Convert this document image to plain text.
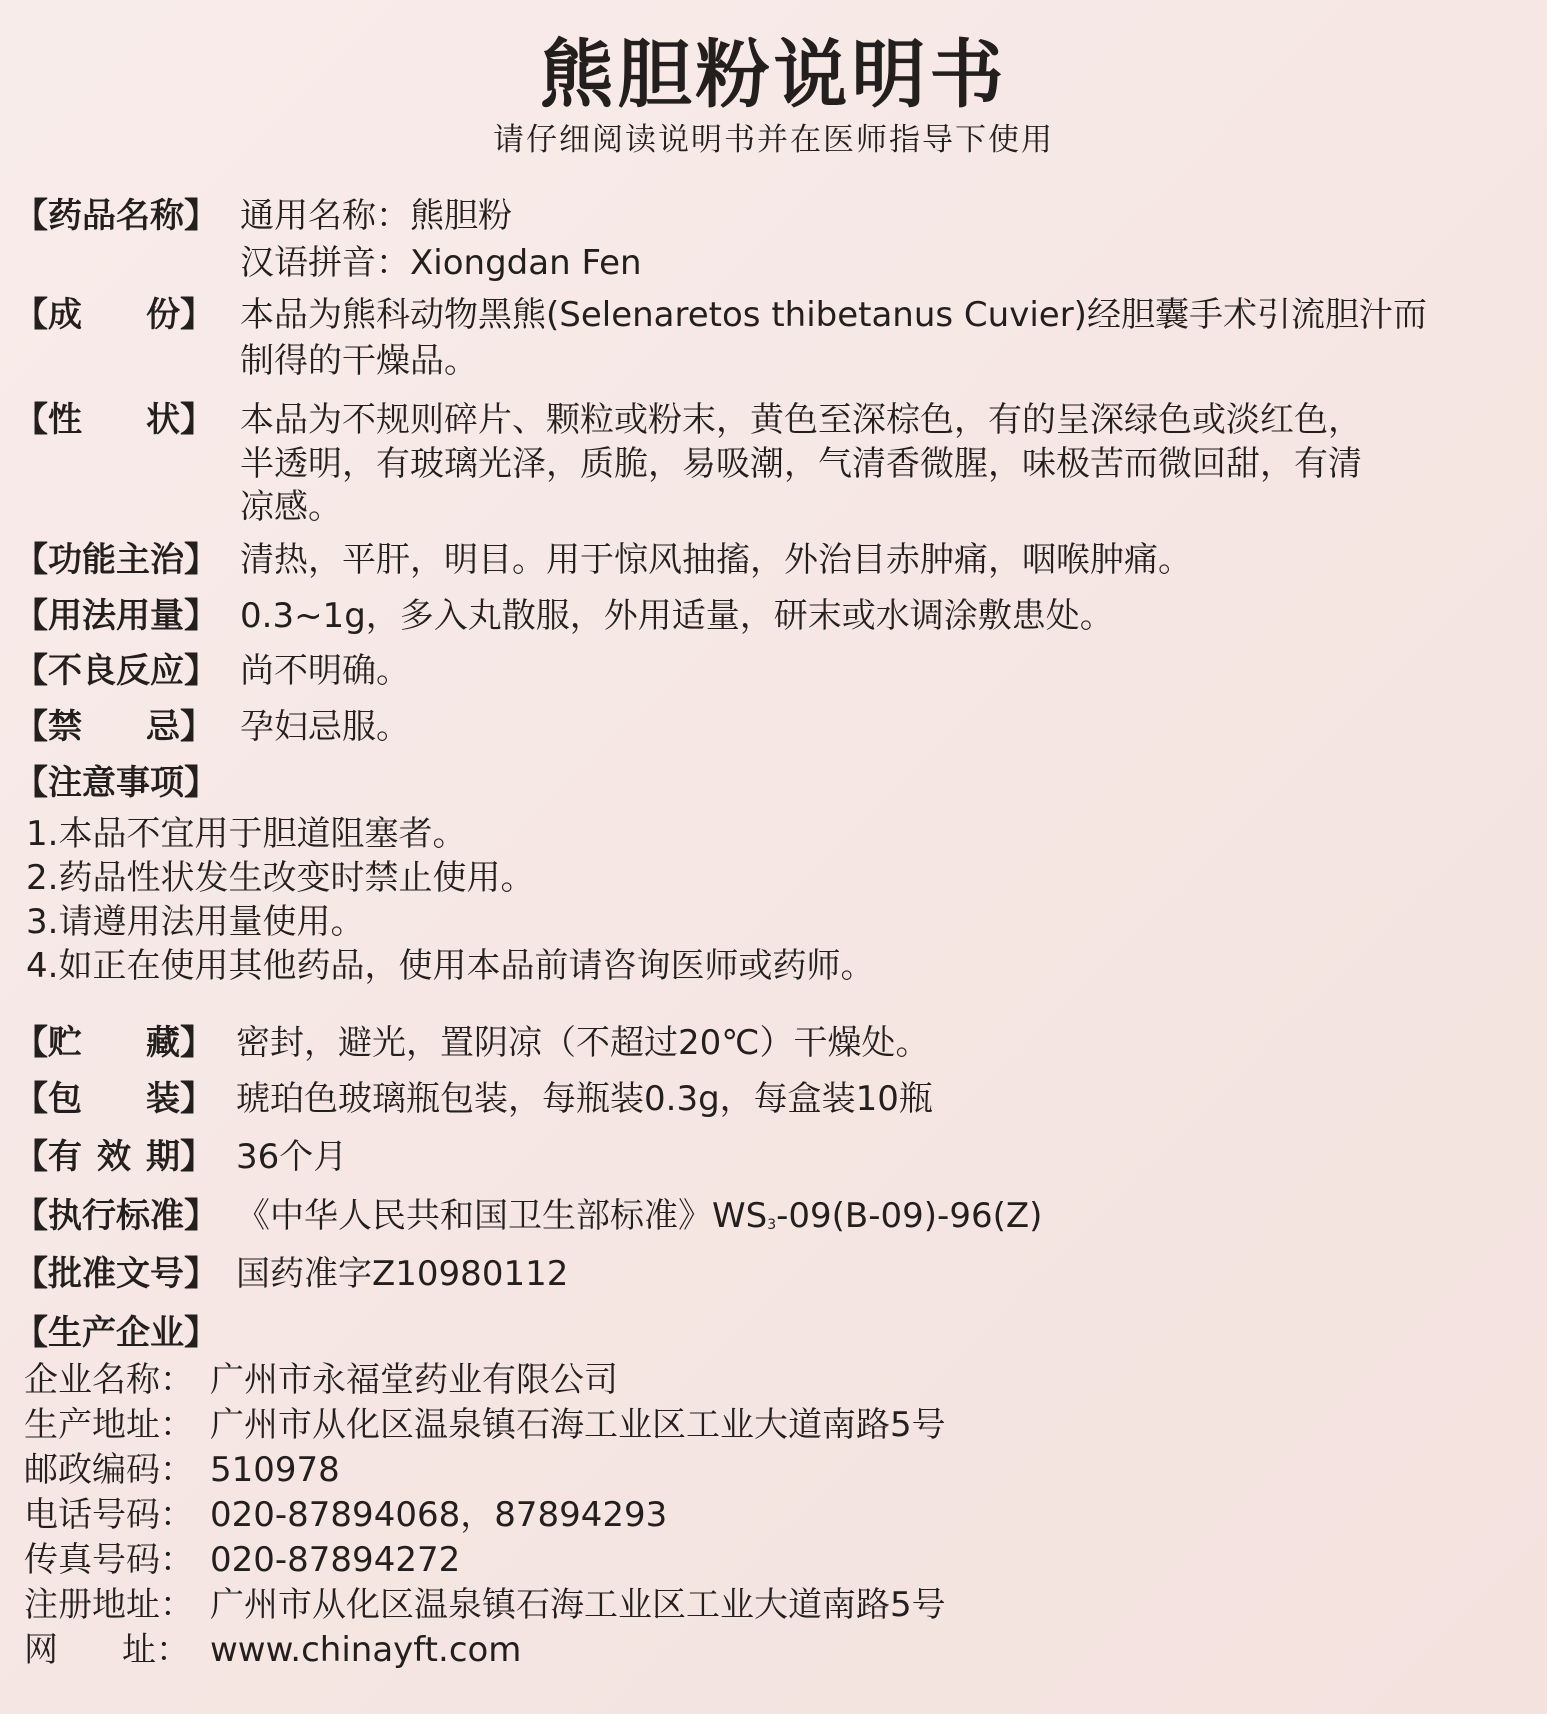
熊胆粉说明书
请仔细阅读说明书并在医师指导下使用
【药品名称】 通用名称：熊胆粉
汉语拼音：Xiongdan Fen
【成 份】 本品为熊科动物黑熊(Selenaretos thibetanus Cuvier)经胆囊手术引流胆汁而
制得的干燥品。
【性 状】 本品为不规则碎片、颗粒或粉末，黄色至深棕色，有的呈深绿色或淡红色，
半透明，有玻璃光泽，质脆，易吸潮，气清香微腥，味极苦而微回甜，有清
凉感。
【功能主治】 清热，平肝，明目。用于惊风抽搐，外治目赤肿痛，咽喉肿痛。
【用法用量】 0.3~1g，多入丸散服，外用适量，研末或水调涂敷患处。
【不良反应】 尚不明确。
【禁 忌】 孕妇忌服。
【注意事项】
1.本品不宜用于胆道阻塞者。
2.药品性状发生改变时禁止使用。
3.请遵用法用量使用。
4.如正在使用其他药品，使用本品前请咨询医师或药师。
【贮 藏】 密封，避光，置阴凉（不超过20℃）干燥处。
【包 装】 琥珀色玻璃瓶包装，每瓶装0.3g，每盒装10瓶
【有 效 期】 36个月
【执行标准】 《中华人民共和国卫生部标准》$WS_3-09(B-09)-96(Z)$
【批准文号】 国药准字Z10980112
【生产企业】
企业名称： 广州市永福堂药业有限公司
生产地址： 广州市从化区温泉镇石海工业区工业大道南路5号
邮政编码： 510978
电话号码： 020-87894068，87894293
传真号码： 020-87894272
注册地址： 广州市从化区温泉镇石海工业区工业大道南路5号
网 址： www.chinayft.com
